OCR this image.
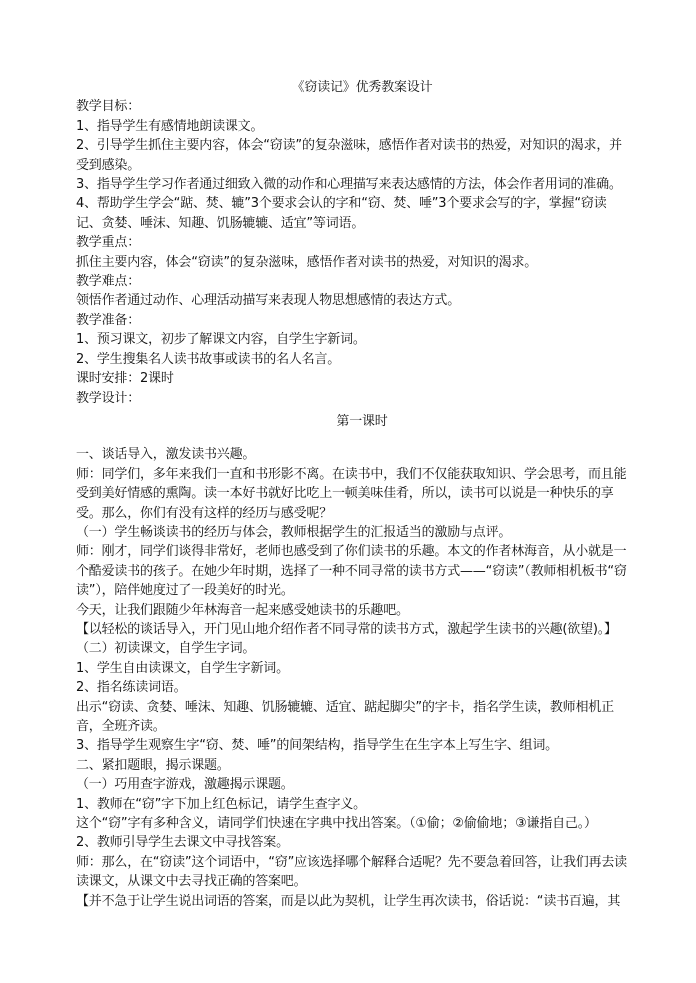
《窃读记》优秀教案设计
教学目标：
1、指导学生有感情地朗读课文。
2、引导学生抓住主要内容，体会“窃读”的复杂滋味，感悟作者对读书的热爱，对知识的渴求，并受到感染。
3、指导学生学习作者通过细致入微的动作和心理描写来表达感情的方法，体会作者用词的准确。
4、帮助学生学会“踮、焚、辘”3个要求会认的字和“窃、焚、唾”3个要求会写的字，掌握“窃读记、贪婪、唾沫、知趣、饥肠辘辘、适宜”等词语。
教学重点：
抓住主要内容，体会“窃读”的复杂滋味，感悟作者对读书的热爱，对知识的渴求。
教学难点：
领悟作者通过动作、心理活动描写来表现人物思想感情的表达方式。
教学准备：
1、预习课文，初步了解课文内容，自学生字新词。
2、学生搜集名人读书故事或读书的名人名言。
课时安排：2课时
教学设计：
第一课时
一、谈话导入，激发读书兴趣。
师：同学们，多年来我们一直和书形影不离。在读书中，我们不仅能获取知识、学会思考，而且能受到美好情感的熏陶。读一本好书就好比吃上一顿美味佳肴，所以，读书可以说是一种快乐的享受。那么，你们有没有这样的经历与感受呢？
（一）学生畅谈读书的经历与体会，教师根据学生的汇报适当的激励与点评。
师：刚才，同学们谈得非常好，老师也感受到了你们读书的乐趣。本文的作者林海音，从小就是一个酷爱读书的孩子。在她少年时期，选择了一种不同寻常的读书方式——“窃读”（教师相机板书“窃读”），陪伴她度过了一段美好的时光。
今天，让我们跟随少年林海音一起来感受她读书的乐趣吧。
【以轻松的谈话导入，开门见山地介绍作者不同寻常的读书方式，激起学生读书的兴趣(欲望)。】
（二）初读课文，自学生字词。
1、学生自由读课文，自学生字新词。
2、指名练读词语。
出示“窃读、贪婪、唾沫、知趣、饥肠辘辘、适宜、踮起脚尖”的字卡，指名学生读，教师相机正音，全班齐读。
3、指导学生观察生字“窃、焚、唾”的间架结构，指导学生在生字本上写生字、组词。
二、紧扣题眼，揭示课题。
（一）巧用查字游戏，激趣揭示课题。
1、教师在“窃”字下加上红色标记，请学生查字义。
这个“窃”字有多种含义，请同学们快速在字典中找出答案。（①偷；②偷偷地；③谦指自己。）
2、教师引导学生去课文中寻找答案。
师：那么，在“窃读”这个词语中，“窃”应该选择哪个解释合适呢？先不要急着回答，让我们再去读读课文，从课文中去寻找正确的答案吧。
【并不急于让学生说出词语的答案，而是以此为契机，让学生再次读书，俗话说：“读书百遍，其
